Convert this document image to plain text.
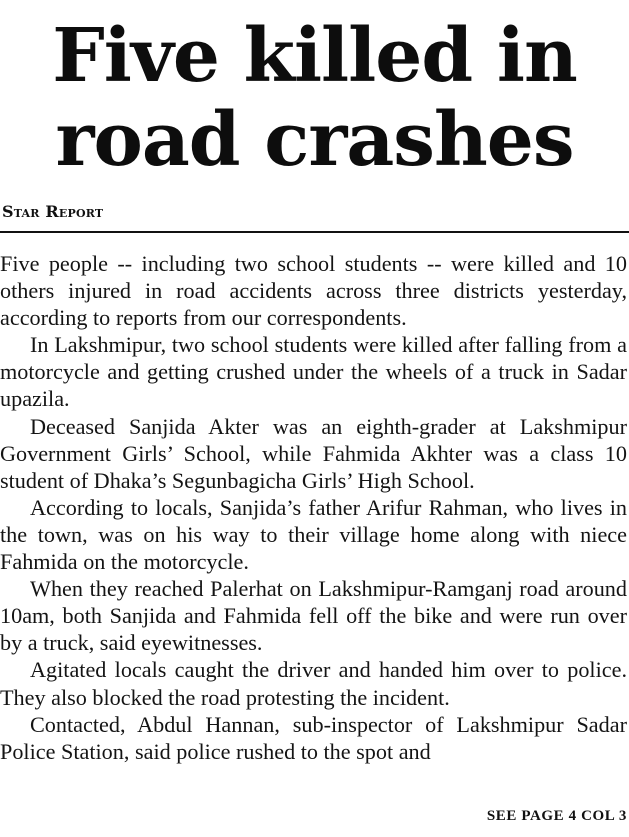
Five killed in
road crashes
Star Report

Five people -- including two school students -- were killed and 10 others injured in road accidents across three districts yesterday, according to reports from our correspondents.

In Lakshmipur, two school students were killed after falling from a motorcycle and getting crushed under the wheels of a truck in Sadar upazila.

Deceased Sanjida Akter was an eighth-grader at Lakshmipur Government Girls’ School, while Fahmida Akhter was a class 10 student of Dhaka’s Segunbagicha Girls’ High School.

According to locals, Sanjida’s father Arifur Rahman, who lives in the town, was on his way to their village home along with niece Fahmida on the motorcycle.

When they reached Palerhat on Lakshmipur-Ramganj road around 10am, both Sanjida and Fahmida fell off the bike and were run over by a truck, said eyewitnesses.

Agitated locals caught the driver and handed him over to police. They also blocked the road protesting the incident.

Contacted, Abdul Hannan, sub-inspector of Lakshmipur Sadar Police Station, said police rushed to the spot and

SEE PAGE 4 COL 3
